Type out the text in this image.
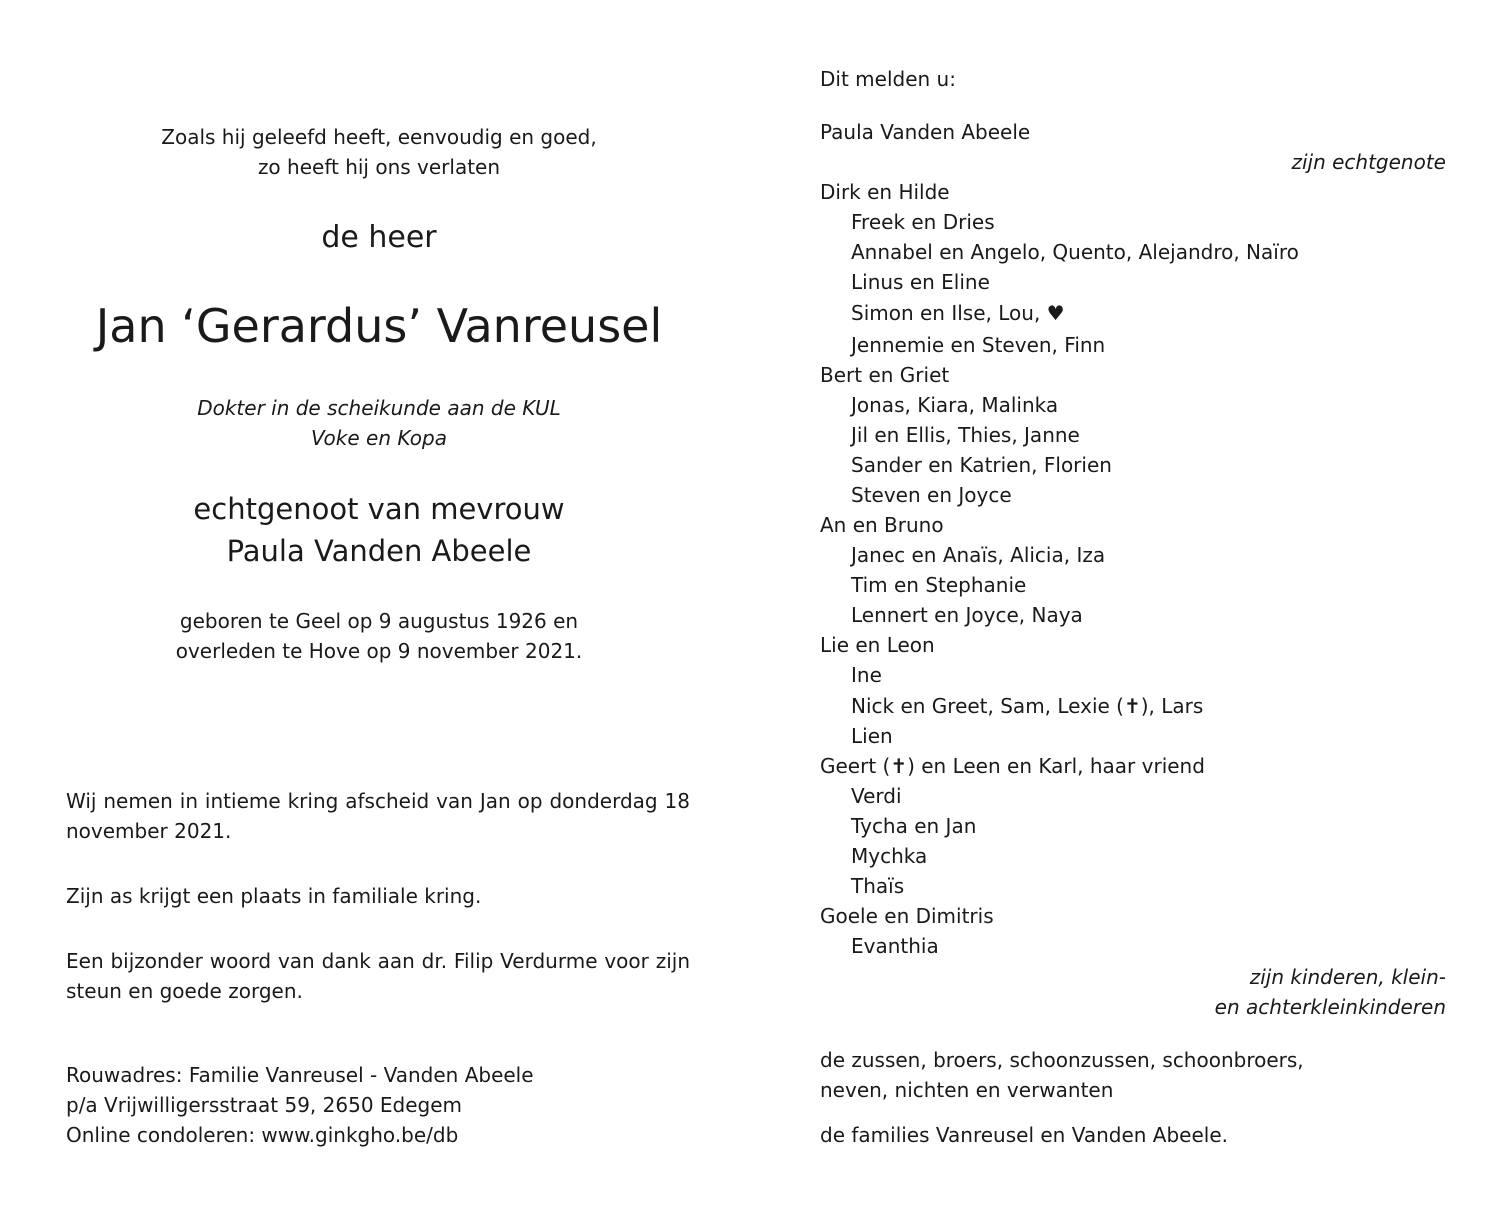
Zoals hij geleefd heeft, eenvoudig en goed,
zo heeft hij ons verlaten
de heer
Jan ‘Gerardus’ Vanreusel
Dokter in de scheikunde aan de KUL
Voke en Kopa
echtgenoot van mevrouw
Paula Vanden Abeele
geboren te Geel op 9 augustus 1926 en
overleden te Hove op 9 november 2021.
Wij nemen in intieme kring afscheid van Jan op donderdag 18 november 2021.
Zijn as krijgt een plaats in familiale kring.
Een bijzonder woord van dank aan dr. Filip Verdurme voor zijn steun en goede zorgen.
Rouwadres: Familie Vanreusel - Vanden Abeele
p/a Vrijwilligersstraat 59, 2650 Edegem
Online condoleren: www.ginkgho.be/db
Dit melden u:
Paula Vanden Abeele
zijn echtgenote
Dirk en Hilde
Freek en Dries
Annabel en Angelo, Quento, Alejandro, Naïro
Linus en Eline
Simon en Ilse, Lou, ♥
Jennemie en Steven, Finn
Bert en Griet
Jonas, Kiara, Malinka
Jil en Ellis, Thies, Janne
Sander en Katrien, Florien
Steven en Joyce
An en Bruno
Janec en Anaïs, Alicia, Iza
Tim en Stephanie
Lennert en Joyce, Naya
Lie en Leon
Ine
Nick en Greet, Sam, Lexie (✝), Lars
Lien
Geert (✝) en Leen en Karl, haar vriend
Verdi
Tycha en Jan
Mychka
Thaïs
Goele en Dimitris
Evanthia
zijn kinderen, klein-
en achterkleinkinderen
de zussen, broers, schoonzussen, schoonbroers,
neven, nichten en verwanten
de families Vanreusel en Vanden Abeele.
